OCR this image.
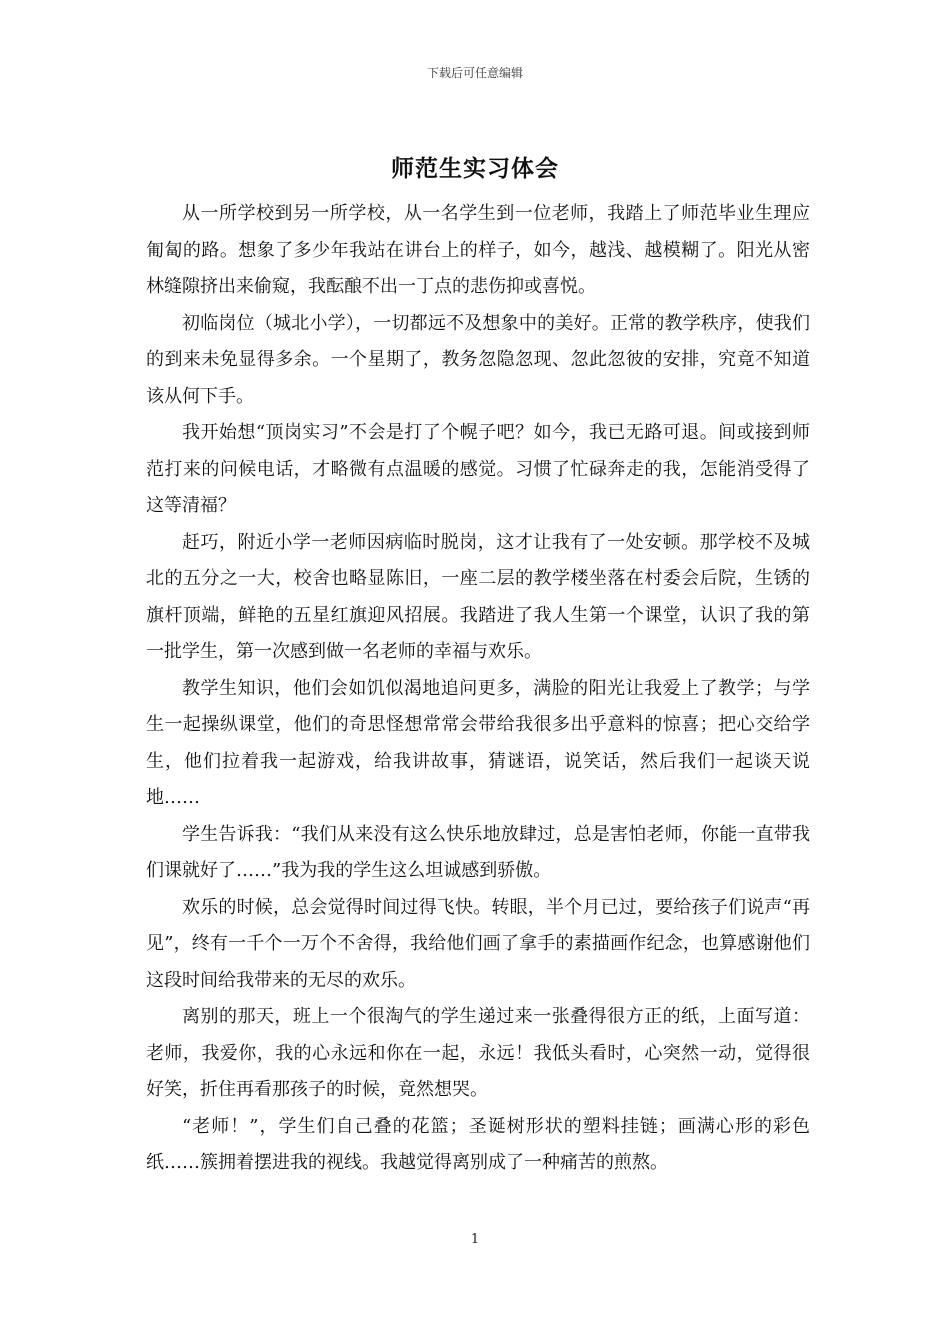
下载后可任意编辑
师范生实习体会

从一所学校到另一所学校，从一名学生到一位老师，我踏上了师范毕业生理应匍匐的路。想象了多少年我站在讲台上的样子，如今，越浅、越模糊了。阳光从密林缝隙挤出来偷窥，我酝酿不出一丁点的悲伤抑或喜悦。

初临岗位（城北小学），一切都远不及想象中的美好。正常的教学秩序，使我们的到来未免显得多余。一个星期了，教务忽隐忽现、忽此忽彼的安排，究竟不知道该从何下手。

我开始想“顶岗实习”不会是打了个幌子吧？如今，我已无路可退。间或接到师范打来的问候电话，才略微有点温暖的感觉。习惯了忙碌奔走的我，怎能消受得了这等清福？

赶巧，附近小学一老师因病临时脱岗，这才让我有了一处安顿。那学校不及城北的五分之一大，校舍也略显陈旧，一座二层的教学楼坐落在村委会后院，生锈的旗杆顶端，鲜艳的五星红旗迎风招展。我踏进了我人生第一个课堂，认识了我的第一批学生，第一次感到做一名老师的幸福与欢乐。

教学生知识，他们会如饥似渴地追问更多，满脸的阳光让我爱上了教学；与学生一起操纵课堂，他们的奇思怪想常常会带给我很多出乎意料的惊喜；把心交给学生，他们拉着我一起游戏，给我讲故事，猜谜语，说笑话，然后我们一起谈天说地……

学生告诉我：“我们从来没有这么快乐地放肆过，总是害怕老师，你能一直带我们课就好了……”我为我的学生这么坦诚感到骄傲。

欢乐的时候，总会觉得时间过得飞快。转眼，半个月已过，要给孩子们说声“再见”，终有一千个一万个不舍得，我给他们画了拿手的素描画作纪念，也算感谢他们这段时间给我带来的无尽的欢乐。

离别的那天，班上一个很淘气的学生递过来一张叠得很方正的纸，上面写道：老师，我爱你，我的心永远和你在一起，永远！我低头看时，心突然一动，觉得很好笑，折住再看那孩子的时候，竟然想哭。

“老师！”，学生们自己叠的花篮；圣诞树形状的塑料挂链；画满心形的彩色纸……簇拥着摆进我的视线。我越觉得离别成了一种痛苦的煎熬。

1
